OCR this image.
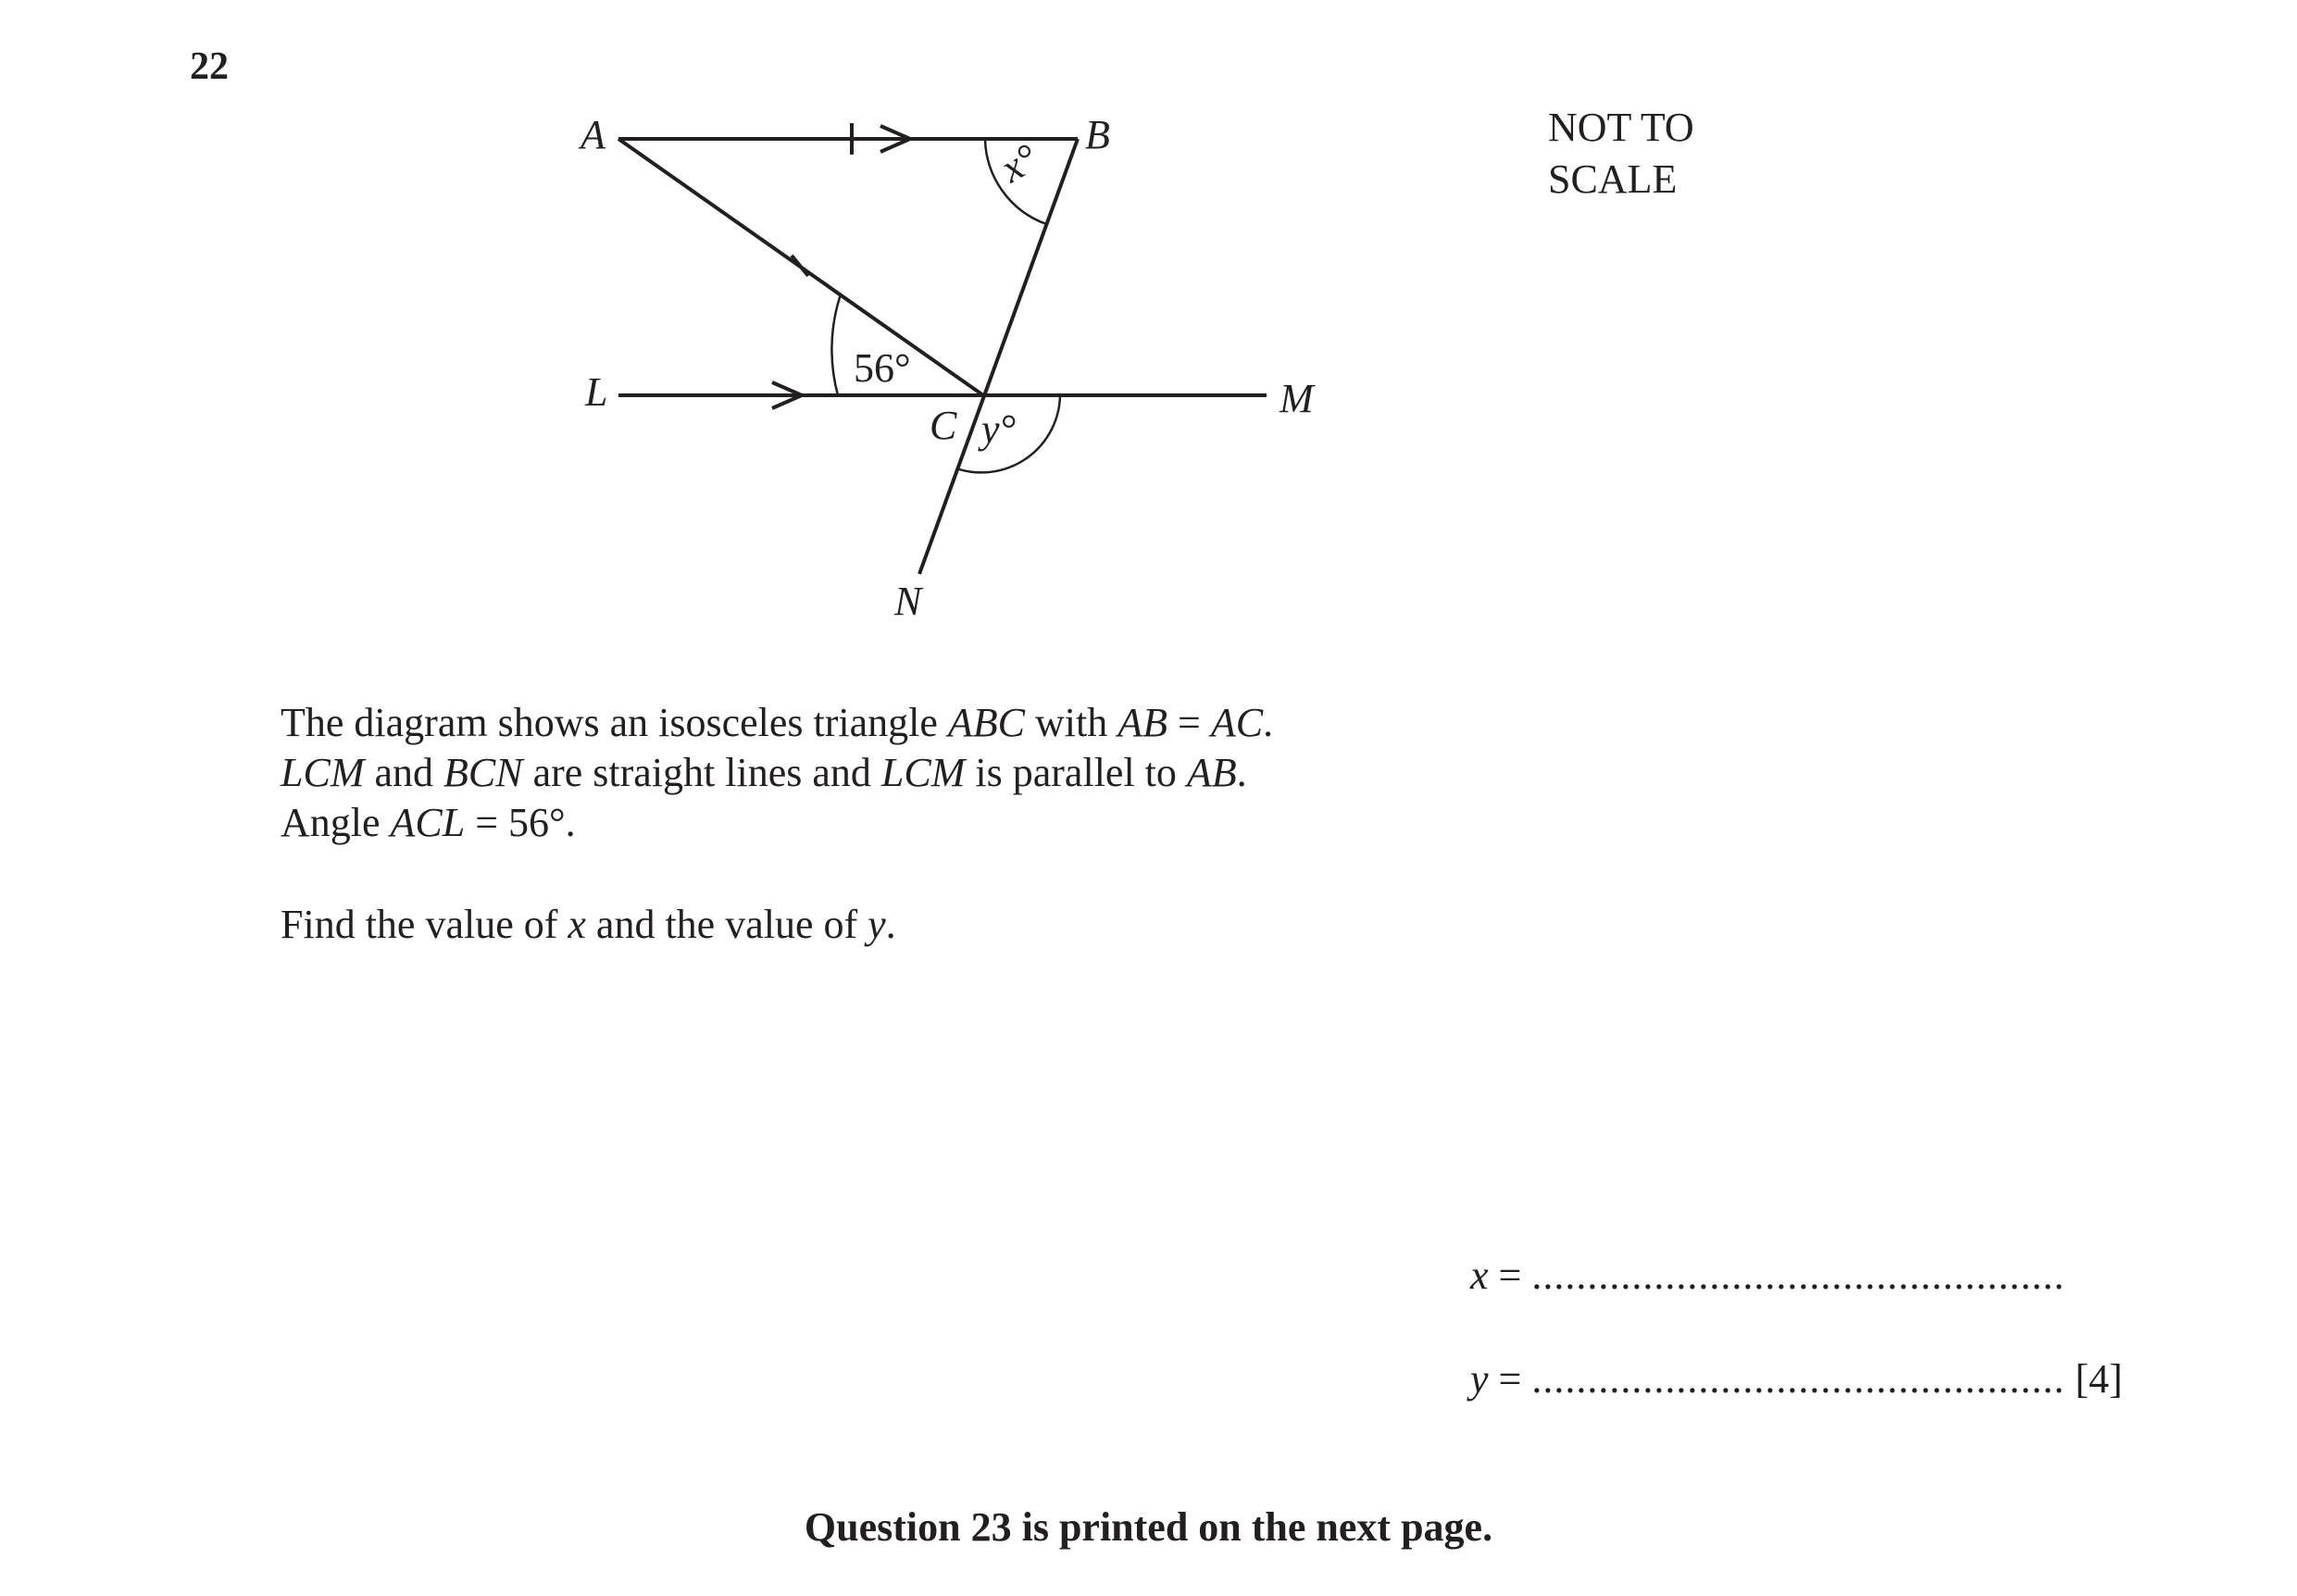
22
A	B
C
L	M
N
x°
56°
y°
NOT TO
SCALE
The diagram shows an isosceles triangle ABC with AB = AC.
LCM and BCN are straight lines and LCM is parallel to AB.
Angle ACL = 56°.
Find the value of x and the value of y.
x = ................................................
y = ................................................ [4]
Question 23 is printed on the next page.
